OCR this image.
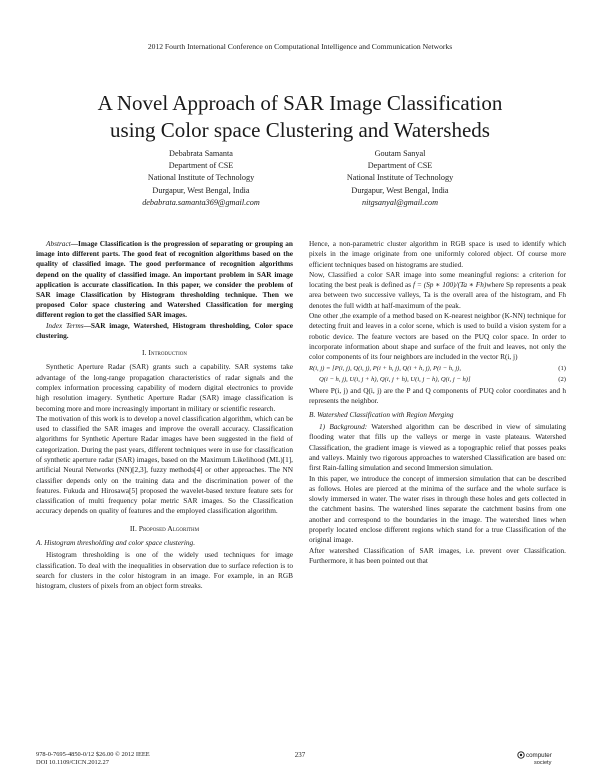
2012 Fourth International Conference on Computational Intelligence and Communication Networks
A Novel Approach of SAR Image Classification
using Color space Clustering and Watersheds
Debabrata Samanta
Department of CSE
National Institute of Technology
Durgapur, West Bengal, India
debabrata.samanta369@gmail.com
Goutam Sanyal
Department of CSE
National Institute of Technology
Durgapur, West Bengal, India
nitgsanyal@gmail.com

Abstract—Image Classification is the progression of separating or grouping an image into different parts. The good feat of recognition algorithms based on the quality of classified image. The good performance of recognition algorithms depend on the quality of classified image. An important problem in SAR image application is accurate classification. In this paper, we consider the problem of SAR image Classification by Histogram thresholding technique. Then we proposed Color space clustering and Watershed Classification for merging different region to get the classified SAR images.

Index Terms—SAR image, Watershed, Histogram thresholding, Color space clustering.

I. Introduction

Synthetic Aperture Radar (SAR) grants such a capability. SAR systems take advantage of the long-range propagation characteristics of radar signals and the complex information processing capability of modern digital electronics to provide high resolution imagery. Synthetic Aperture Radar (SAR) image classification is becoming more and more increasingly important in military or scientific research.

The motivation of this work is to develop a novel classification algorithm, which can be used to classified the SAR images and improve the overall accuracy. Classification algorithms for Synthetic Aperture Radar images have been suggested in the field of categorization. During the past years, different techniques were in use for classification of synthetic aperture radar (SAR) images, based on the Maximum Likelihood (ML)[1], artificial Neural Networks (NN)[2,3], fuzzy methods[4] or other approaches. The NN classifier depends only on the training data and the discrimination power of the features. Fukuda and Hirosawa[5] proposed the wavelet-based texture feature sets for classification of multi frequency polar metric SAR images. So the Classification accuracy depends on quality of features and the employed classification algorithm.

II. Proposed Algorithm

A. Histogram thresholding and color space clustering.

Histogram thresholding is one of the widely used techniques for image classification. To deal with the inequalities in observation due to surface refection is to search for clusters in the color histogram in an image. For example, in an RGB histogram, clusters of pixels from an object form streaks.

Hence, a non-parametric cluster algorithm in RGB space is used to identify which pixels in the image originate from one uniformly colored object. Of course more efficient techniques based on histograms are studied.

Now, Classified a color SAR image into some meaningful regions: a criterion for locating the best peak is defined as f = (Sp ∗ 100)/(Ta ∗ Fh)where Sp represents a peak area between two successive valleys, Ta is the overall area of the histogram, and Fh denotes the full width at half-maximum of the peak.

One other ,the example of a method based on K-nearest neighbor (K-NN) technique for detecting fruit and leaves in a color scene, which is used to build a vision system for a robotic device. The feature vectors are based on the PUQ color space. In order to incorporate information about shape and surface of the fruit and leaves, not only the color components of its four neighbors are included in the vector R(i, j)

R(i, j) = [P(i, j), Q(i, j), P(i + h, j), Q(i + h, j), P(i − h, j),	(1)

Q(i − h, j), U(i, j + h), Q(i, j + h), U(i, j − h), Q(i, j − h)]	(2)

Where P(i, j) and Q(i, j) are the P and Q components of PUQ color coordinates and h represents the neighbor.

B. Watershed Classification with Region Merging

1) Background: Watershed algorithm can be described in view of simulating flooding water that fills up the valleys or merge in vaste plateaus. Watershed Classification, the gradient image is viewed as a topographic relief that posses peaks and valleys. Mainly two rigorous approaches to watershed Classification are based on: first Rain-falling simulation and second Immersion simulation.

In this paper, we introduce the concept of immersion simulation that can be described as follows. Holes are pierced at the minima of the surface and the whole surface is slowly immersed in water. The water rises in through these holes and gets collected in the catchment basins. The watershed lines separate the catchment basins from one another and correspond to the boundaries in the image. The watershed lines when properly located enclose different regions which stand for a true Classification of the original image.

After watershed Classification of SAR images, i.e. prevent over Classification. Furthermore, it has been pointed out that

978-0-7695-4850-0/12 $26.00 © 2012 IEEE
DOI 10.1109/CICN.2012.27
237	computer
society
